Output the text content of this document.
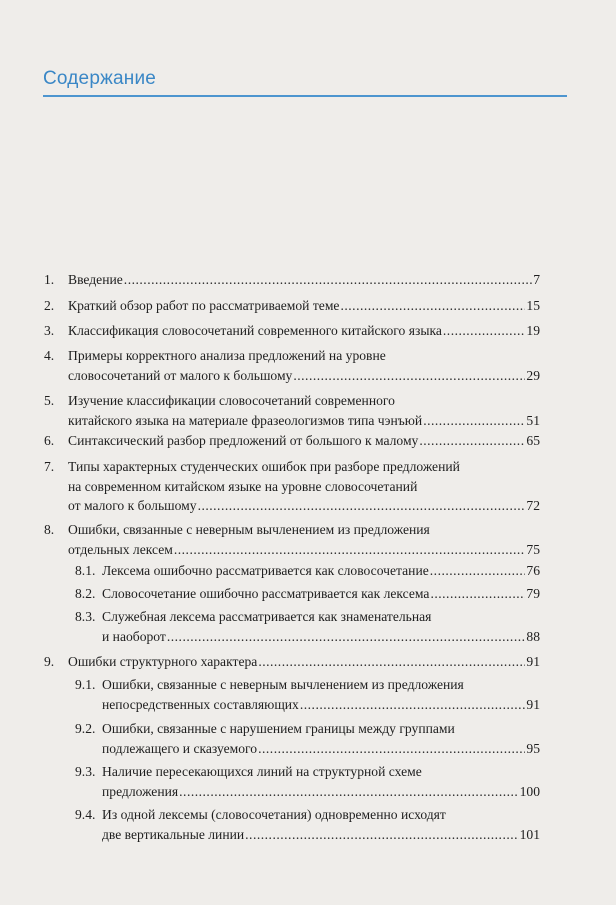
Содержание
1. Введение .....	7
2. Краткий обзор работ по рассматриваемой теме .....	15
3. Классификация словосочетаний современного китайского языка .....	19
4. Примеры корректного анализа предложений на уровне
словосочетаний от малого к большому .....	29
5. Изучение классификации словосочетаний современного
китайского языка на материале фразеологизмов типа чэнъюй .....	51
6. Синтаксический разбор предложений от большого к малому .....	65
7. Типы характерных студенческих ошибок при разборе предложений
на современном китайском языке на уровне словосочетаний
от малого к большому .....	72
8. Ошибки, связанные с неверным вычленением из предложения
отдельных лексем .....	75
8.1. Лексема ошибочно рассматривается как словосочетание .....	76
8.2. Словосочетание ошибочно рассматривается как лексема .....	79
8.3. Служебная лексема рассматривается как знаменательная
и наоборот .....	88
9. Ошибки структурного характера .....	91
9.1. Ошибки, связанные с неверным вычленением из предложения
непосредственных составляющих .....	91
9.2. Ошибки, связанные с нарушением границы между группами
подлежащего и сказуемого .....	95
9.3. Наличие пересекающихся линий на структурной схеме
предложения .....	100
9.4. Из одной лексемы (словосочетания) одновременно исходят
две вертикальные линии .....	101
